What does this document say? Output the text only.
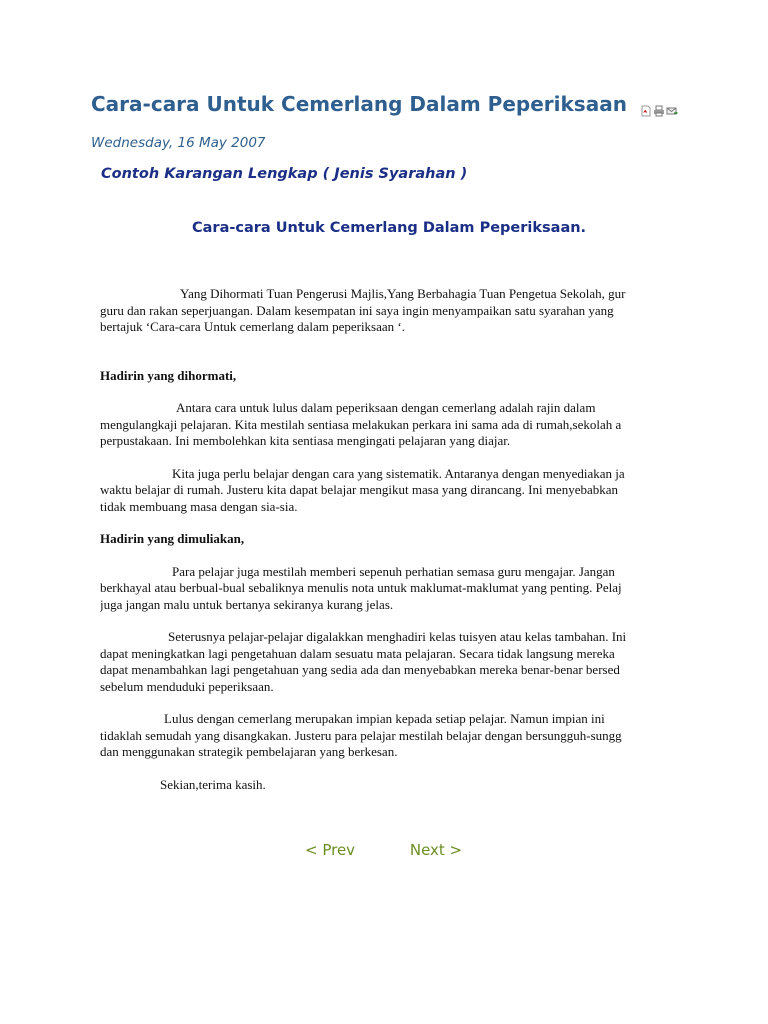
Cara-cara Untuk Cemerlang Dalam Peperiksaan
Wednesday, 16 May 2007
Contoh Karangan Lengkap ( Jenis Syarahan )
Cara-cara Untuk Cemerlang Dalam Peperiksaan.
Yang Dihormati Tuan Pengerusi Majlis,Yang Berbahagia Tuan Pengetua Sekolah, gur
guru dan rakan seperjuangan. Dalam kesempatan ini saya ingin menyampaikan satu syarahan yang
bertajuk ‘Cara-cara Untuk cemerlang dalam peperiksaan ‘.
Hadirin yang dihormati,
Antara cara untuk lulus dalam peperiksaan dengan cemerlang adalah rajin dalam
mengulangkaji pelajaran. Kita mestilah sentiasa melakukan perkara ini sama ada di rumah,sekolah a
perpustakaan. Ini membolehkan kita sentiasa mengingati pelajaran yang diajar.
Kita juga perlu belajar dengan cara yang sistematik. Antaranya dengan menyediakan ja
waktu belajar di rumah. Justeru kita dapat belajar mengikut masa yang dirancang. Ini menyebabkan
tidak membuang masa dengan sia-sia.
Hadirin yang dimuliakan,
Para pelajar juga mestilah memberi sepenuh perhatian semasa guru mengajar. Jangan
berkhayal atau berbual-bual sebaliknya menulis nota untuk maklumat-maklumat yang penting. Pelaj
juga jangan malu untuk bertanya sekiranya kurang jelas.
Seterusnya pelajar-pelajar digalakkan menghadiri kelas tuisyen atau kelas tambahan. Ini
dapat meningkatkan lagi pengetahuan dalam sesuatu mata pelajaran. Secara tidak langsung mereka
dapat menambahkan lagi pengetahuan yang sedia ada dan menyebabkan mereka benar-benar bersed
sebelum menduduki peperiksaan.
Lulus dengan cemerlang merupakan impian kepada setiap pelajar. Namun impian ini
tidaklah semudah yang disangkakan. Justeru para pelajar mestilah belajar dengan bersungguh-sungg
dan menggunakan strategik pembelajaran yang berkesan.
Sekian,terima kasih.
< Prev	Next >
